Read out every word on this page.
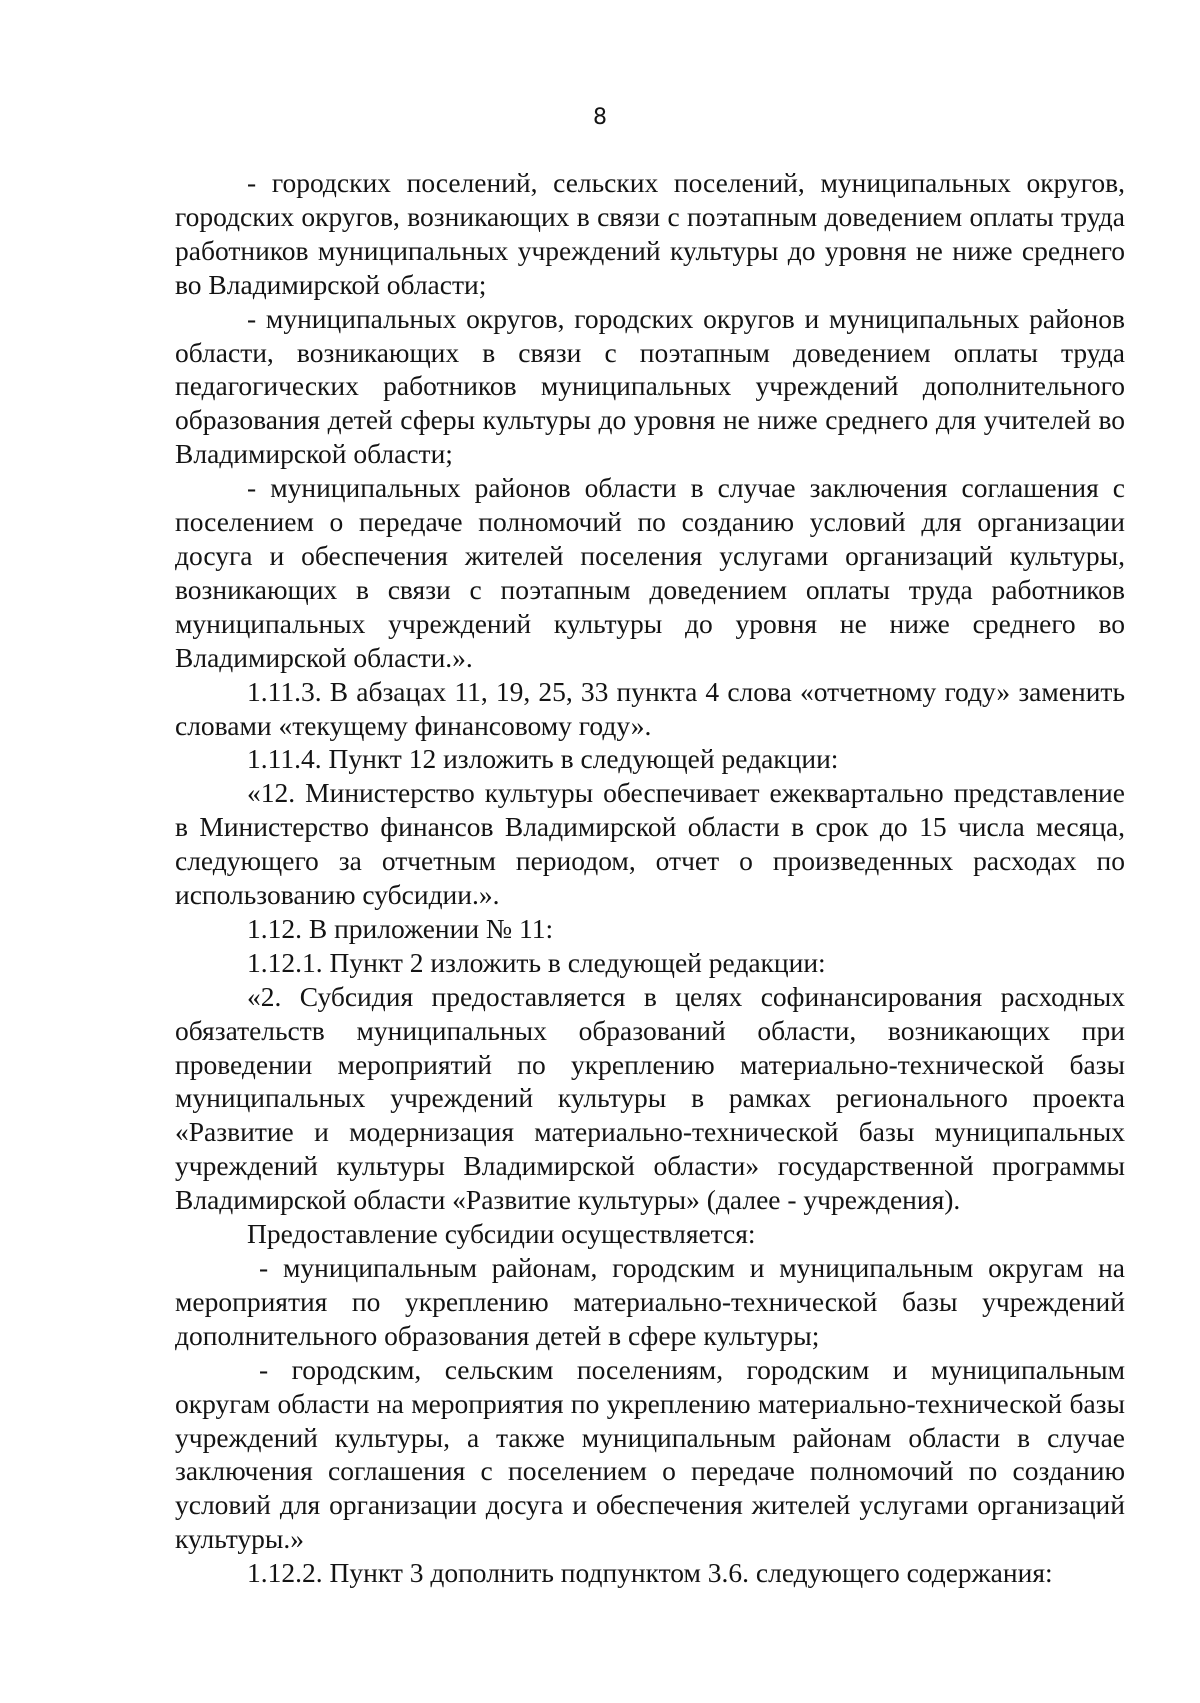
8

- городских поселений, сельских поселений, муниципальных округов, городских округов, возникающих в связи с поэтапным доведением оплаты труда работников муниципальных учреждений культуры до уровня не ниже среднего во Владимирской области;

- муниципальных округов, городских округов и муниципальных районов области, возникающих в связи с поэтапным доведением оплаты труда педагогических работников муниципальных учреждений дополнительного образования детей сферы культуры до уровня не ниже среднего для учителей во Владимирской области;

- муниципальных районов области в случае заключения соглашения с поселением о передаче полномочий по созданию условий для организации досуга и обеспечения жителей поселения услугами организаций культуры, возникающих в связи с поэтапным доведением оплаты труда работников муниципальных учреждений культуры до уровня не ниже среднего во Владимирской области.».

1.11.3. В абзацах 11, 19, 25, 33 пункта 4 слова «отчетному году» заменить словами «текущему финансовому году».

1.11.4. Пункт 12 изложить в следующей редакции:

«12. Министерство культуры обеспечивает ежеквартально представление в Министерство финансов Владимирской области в срок до 15 числа месяца, следующего за отчетным периодом, отчет о произведенных расходах по использованию субсидии.».

1.12. В приложении № 11:

1.12.1. Пункт 2 изложить в следующей редакции:

«2. Субсидия предоставляется в целях софинансирования расходных обязательств муниципальных образований области, возникающих при проведении мероприятий по укреплению материально-технической базы муниципальных учреждений культуры в рамках регионального проекта «Развитие и модернизация материально-технической базы муниципальных учреждений культуры Владимирской области» государственной программы Владимирской области «Развитие культуры» (далее - учреждения).

Предоставление субсидии осуществляется:

- муниципальным районам, городским и муниципальным округам на мероприятия по укреплению материально-технической базы учреждений дополнительного образования детей в сфере культуры;

- городским, сельским поселениям, городским и муниципальным округам области на мероприятия по укреплению материально-технической базы учреждений культуры, а также муниципальным районам области в случае заключения соглашения с поселением о передаче полномочий по созданию условий для организации досуга и обеспечения жителей услугами организаций культуры.»

1.12.2. Пункт 3 дополнить подпунктом 3.6. следующего содержания:
